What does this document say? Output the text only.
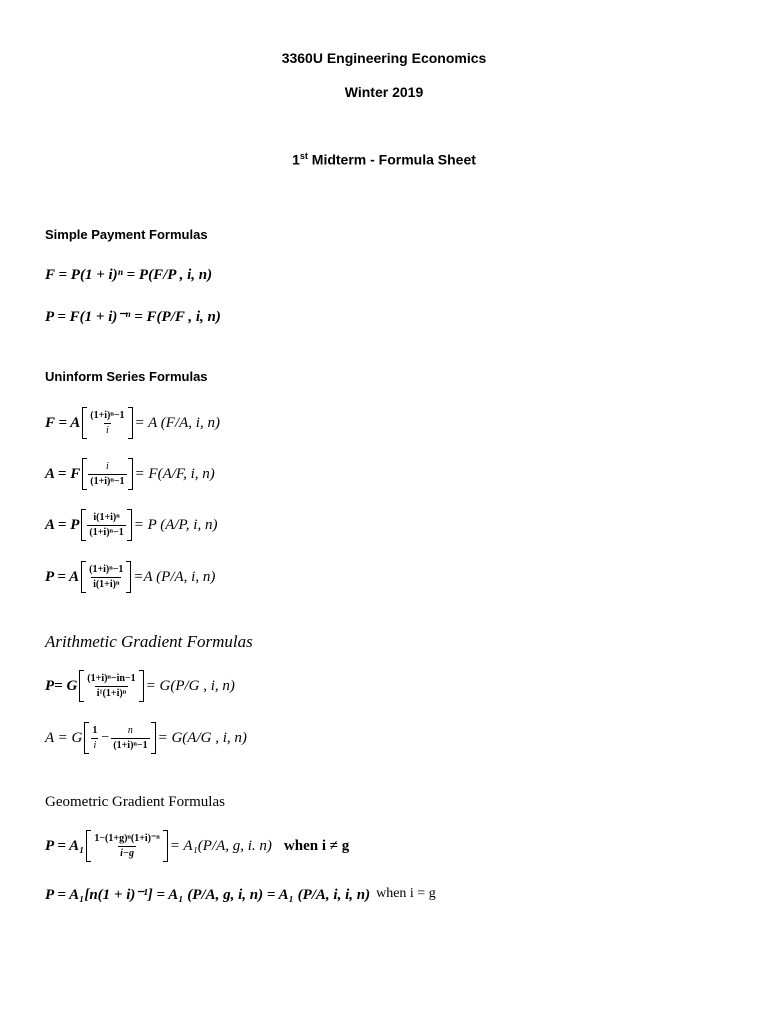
3360U Engineering Economics
Winter 2019
1st Midterm - Formula Sheet
Simple Payment Formulas
F = P(1 + i)ⁿ = P(F/P , i, n)
P = F(1 + i)⁻ⁿ = F(P/F , i, n)
Uninform Series Formulas
F = A $\frac{\text{(1+i)ⁿ−1}}{i} = A$ (F/A, i, n)
A = F $\frac{i}{\text{(1+i)ⁿ−1}} = F(A/F$, i, n)
A = P $\frac{\text{i(1+i)ⁿ}}{\text{(1+i)ⁿ−1}} = P$ (A/P, i, n)
P = A $\frac{\text{(1+i)ⁿ−1}}{\text{i(1+i)ⁿ}} =A$ (P/A, i, n)
Arithmetic Gradient Formulas
P= G $\frac{\text{(1+i)ⁿ−in−1}}{\text{i¹(1+i)ⁿ}} = G(P/G$ , i, n)
A = G $\frac{1}{i} - \frac{n}{\text{(1+i)ⁿ−1}} = G(A/G$ , i, n)
Geometric Gradient Formulas
$P = A_1 \frac{\text{1−(1+g)ⁿ(1+i)⁻ⁿ}}{i-g} = A_1(P/A$, g, i. n) when i ≠ g
P = A₁[n(1 + i)⁻¹] = A₁ (P/A, g, i, n) = A₁ (P/A, i, i, n) when i = g
